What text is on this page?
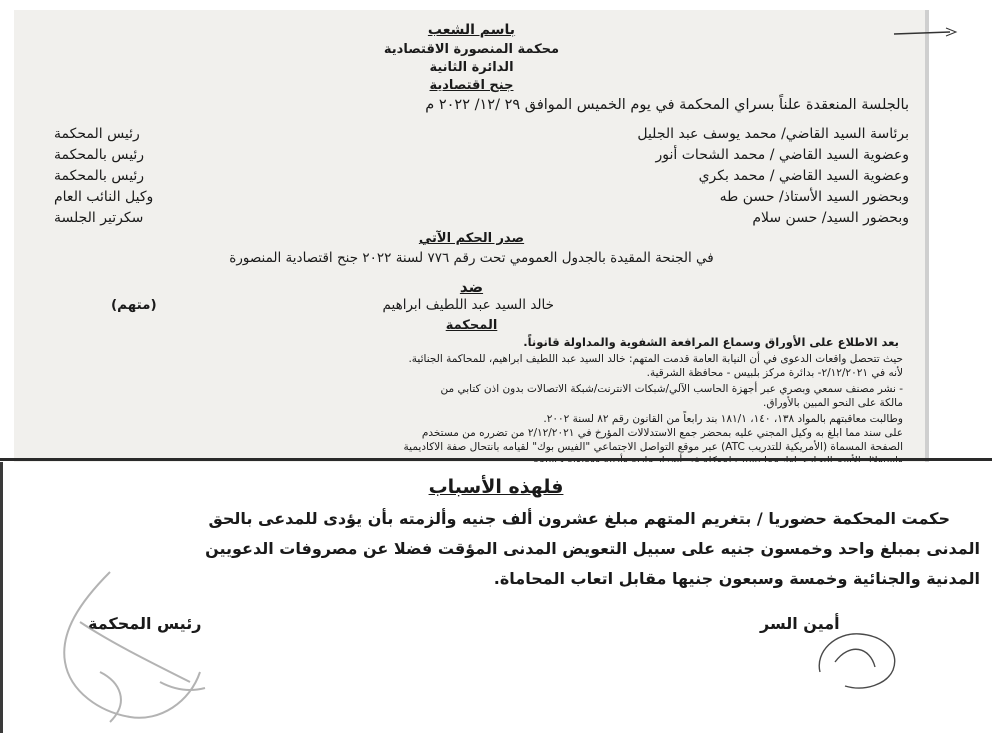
باسم الشعب
محكمة المنصورة الاقتصادية
الدائرة الثانية
جنح اقتصادية
بالجلسة المنعقدة علناً بسراي المحكمة في يوم الخميس الموافق ٢٩ /١٢/ ٢٠٢٢ م
برئاسة السيد القاضي/ محمد يوسف عبد الجليل
رئيس المحكمة
وعضوية السيد القاضي / محمد الشحات أنور
رئيس بالمحكمة
وعضوية السيد القاضي / محمد بكري
رئيس بالمحكمة
وبحضور السيد الأستاذ/ حسن طه
وكيل النائب العام
وبحضور السيد/ حسن سلام
سكرتير الجلسة
صدر الحكم الآتي
في الجنحة المقيدة بالجدول العمومي تحت رقم ٧٧٦ لسنة ٢٠٢٢ جنح اقتصادية المنصورة
ضد
خالد السيد عبد اللطيف ابراهيم
(متهم)
المحكمة
بعد الاطلاع على الأوراق وسماع المرافعة الشفوية والمداولة قانوناً.
حيث تتحصل واقعات الدعوى في أن النيابة العامة قدمت المتهم: خالد السيد عبد اللطيف ابراهيم، للمحاكمة الجنائية.
لأنه في ٢/١٢/٢٠٢١- بدائرة مركز بلبيس - محافظة الشرقية.
- نشر مصنف سمعي وبصري عبر أجهزة الحاسب الآلي/شبكات الانترنت/شبكة الاتصالات بدون اذن كتابي من
مالكة على النحو المبين بالأوراق.
وطالبت معاقبتهم بالمواد ١٣٨، ١٤٠، ١٨١/١ بند رابعاً من القانون رقم ٨٢ لسنة ٢٠٠٢.
على سند مما ابلغ به وكيل المجني عليه بمحضر جمع الاستدلالات المؤرخ في ٢/١٢/٢٠٢١ من تضرره من مستخدم
الصفحة المسماة (الأمريكية للتدريب ATC) عبر موقع التواصل الاجتماعي "الفيس بوك" لقيامه بانتحال صفة الاكاديمية
فلهذه الأسباب
حكمت المحكمة حضوريا / بتغريم المتهم مبلغ عشرون ألف جنيه وألزمته بأن يؤدى للمدعى بالحق
المدنى بمبلغ واحد وخمسون جنيه على سبيل التعويض المدنى المؤقت فضلا عن مصروفات الدعويين
المدنية والجنائية وخمسة وسبعون جنيها مقابل اتعاب المحاماة.
أمين السر
رئيس المحكمة
